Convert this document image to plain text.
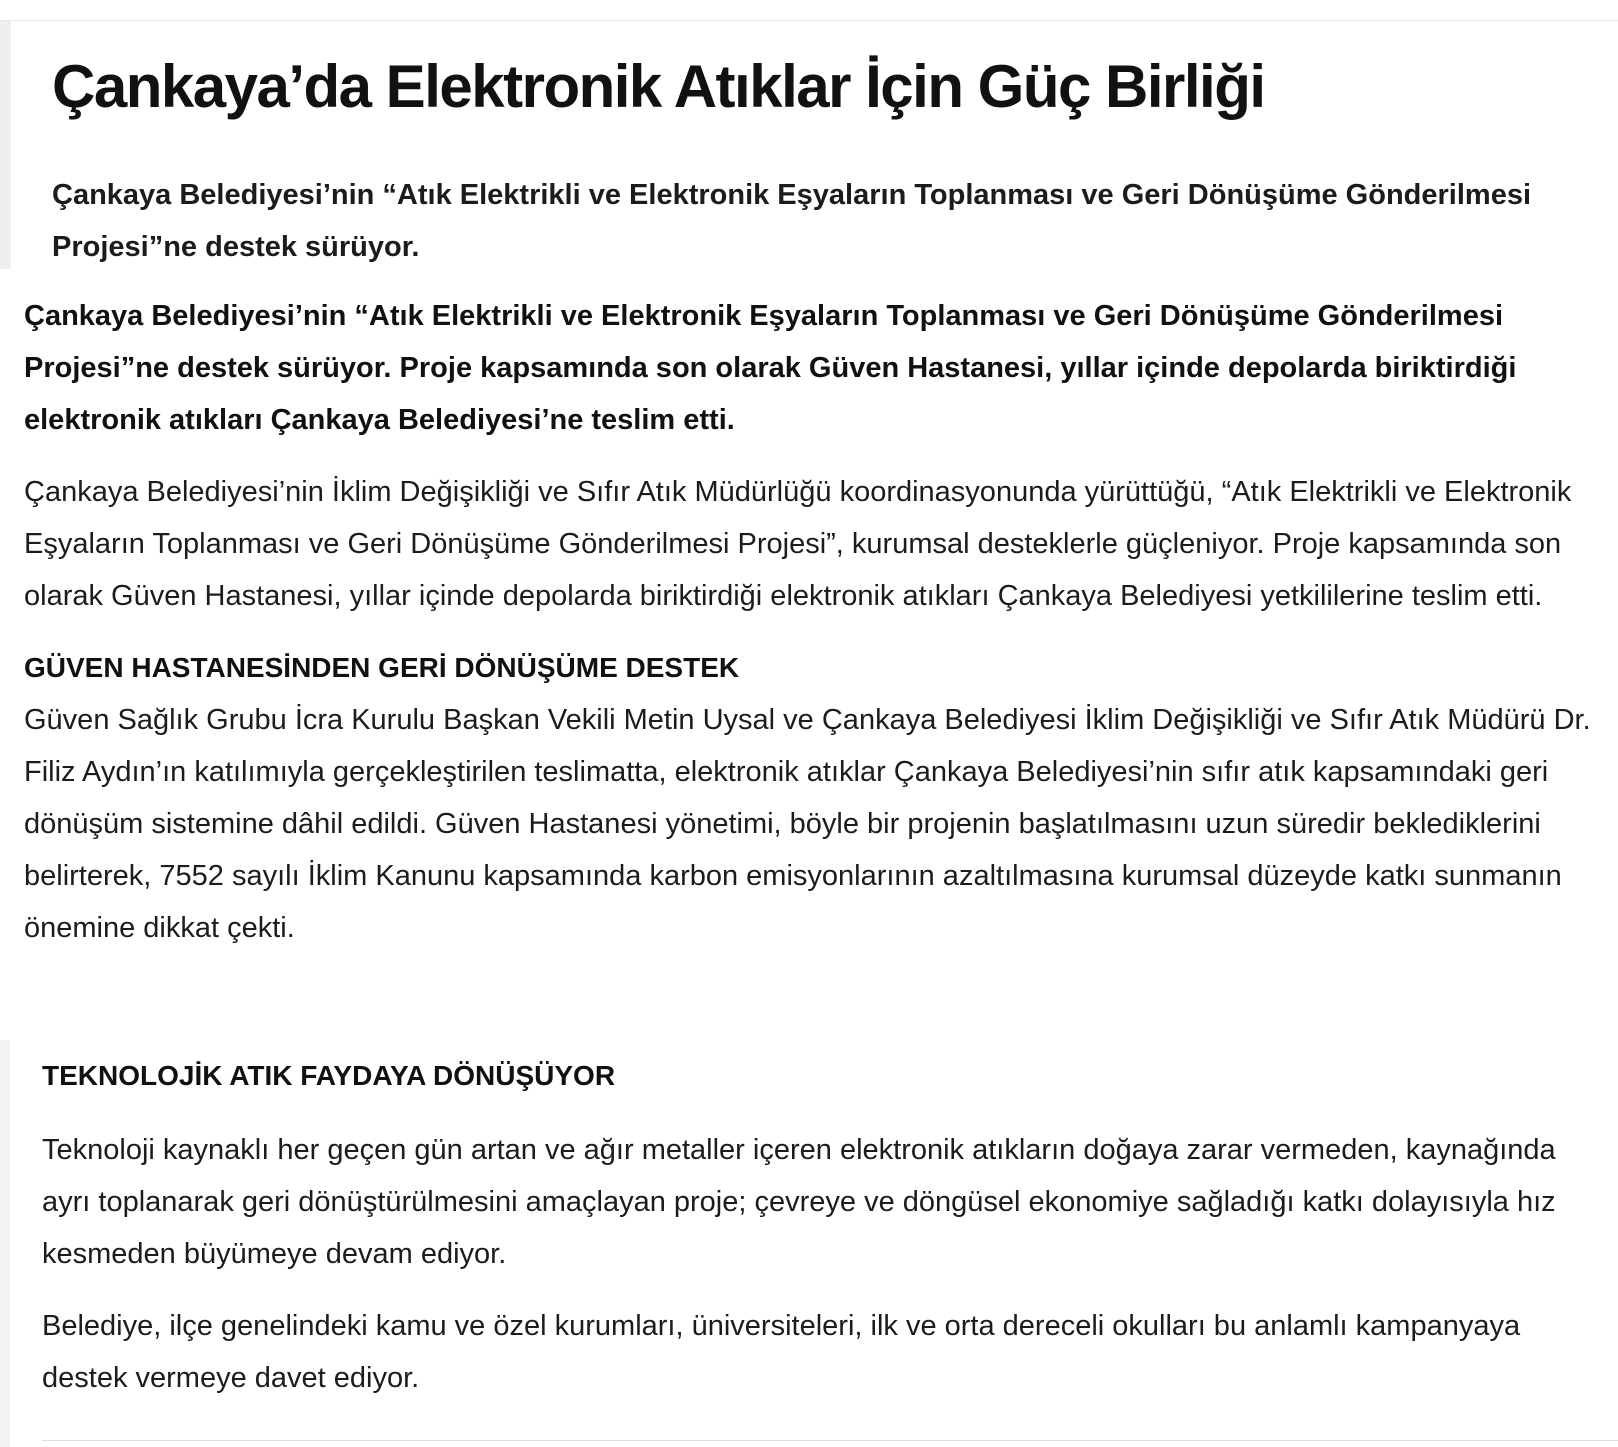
Çankaya’da Elektronik Atıklar İçin Güç Birliği

Çankaya Belediyesi’nin “Atık Elektrikli ve Elektronik Eşyaların Toplanması ve Geri Dönüşüme Gönderilmesi Projesi”ne destek sürüyor.

Çankaya Belediyesi’nin “Atık Elektrikli ve Elektronik Eşyaların Toplanması ve Geri Dönüşüme Gönderilmesi Projesi”ne destek sürüyor. Proje kapsamında son olarak Güven Hastanesi, yıllar içinde depolarda biriktirdiği elektronik atıkları Çankaya Belediyesi’ne teslim etti.

Çankaya Belediyesi’nin İklim Değişikliği ve Sıfır Atık Müdürlüğü koordinasyonunda yürüttüğü, “Atık Elektrikli ve Elektronik Eşyaların Toplanması ve Geri Dönüşüme Gönderilmesi Projesi”, kurumsal desteklerle güçleniyor. Proje kapsamında son olarak Güven Hastanesi, yıllar içinde depolarda biriktirdiği elektronik atıkları Çankaya Belediyesi yetkililerine teslim etti.

GÜVEN HASTANESİNDEN GERİ DÖNÜŞÜME DESTEK

Güven Sağlık Grubu İcra Kurulu Başkan Vekili Metin Uysal ve Çankaya Belediyesi İklim Değişikliği ve Sıfır Atık Müdürü Dr. Filiz Aydın’ın katılımıyla gerçekleştirilen teslimatta, elektronik atıklar Çankaya Belediyesi’nin sıfır atık kapsamındaki geri dönüşüm sistemine dâhil edildi. Güven Hastanesi yönetimi, böyle bir projenin başlatılmasını uzun süredir beklediklerini belirterek, 7552 sayılı İklim Kanunu kapsamında karbon emisyonlarının azaltılmasına kurumsal düzeyde katkı sunmanın önemine dikkat çekti.

TEKNOLOJİK ATIK FAYDAYA DÖNÜŞÜYOR

Teknoloji kaynaklı her geçen gün artan ve ağır metaller içeren elektronik atıkların doğaya zarar vermeden, kaynağında ayrı toplanarak geri dönüştürülmesini amaçlayan proje; çevreye ve döngüsel ekonomiye sağladığı katkı dolayısıyla hız kesmeden büyümeye devam ediyor.

Belediye, ilçe genelindeki kamu ve özel kurumları, üniversiteleri, ilk ve orta dereceli okulları bu anlamlı kampanyaya destek vermeye davet ediyor.
